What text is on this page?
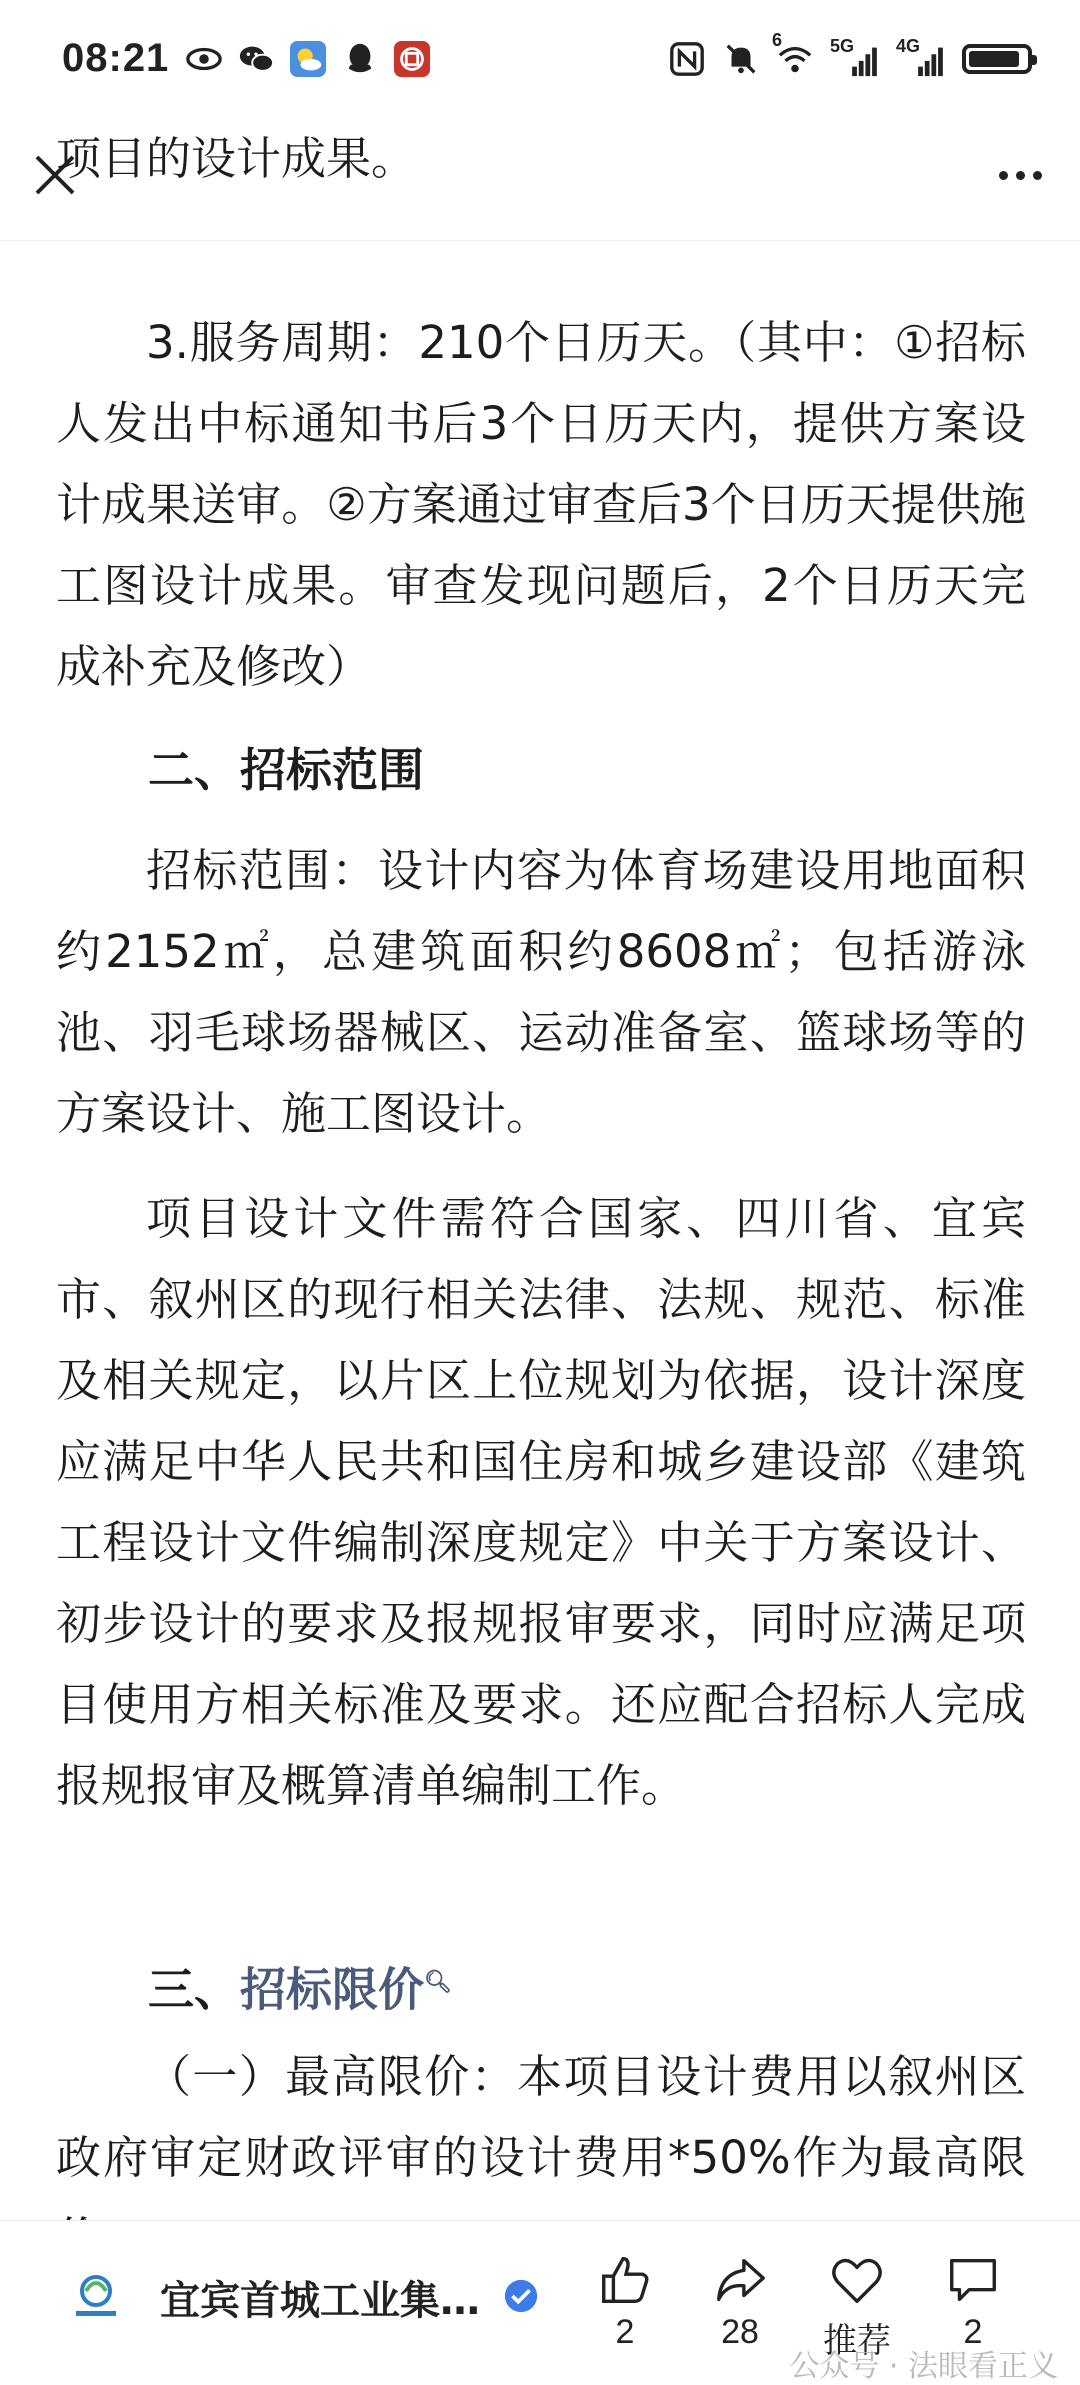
08:21	6	5G 4G
项目的设计成果。
3.服务周期：210个日历天。（其中：①招标人发出中标通知书后3个日历天内，提供方案设计成果送审。②方案通过审查后3个日历天提供施工图设计成果。审查发现问题后，2个日历天完成补充及修改）
二、招标范围
招标范围：设计内容为体育场建设用地面积约2152㎡，总建筑面积约8608㎡；包括游泳池、羽毛球场器械区、运动准备室、篮球场等的方案设计、施工图设计。
项目设计文件需符合国家、四川省、宜宾市、叙州区的现行相关法律、法规、规范、标准及相关规定，以片区上位规划为依据，设计深度应满足中华人民共和国住房和城乡建设部《建筑工程设计文件编制深度规定》中关于方案设计、初步设计的要求及报规报审要求，同时应满足项目使用方相关标准及要求。还应配合招标人完成报规报审及概算清单编制工作。
三、招标限价🔍︎
（一）最高限价：本项目设计费用以叙州区政府审定财政评审的设计费用*50%作为最高限
宜宾首城工业集…
2	28	推荐	2
公众号 · 法眼看正义
